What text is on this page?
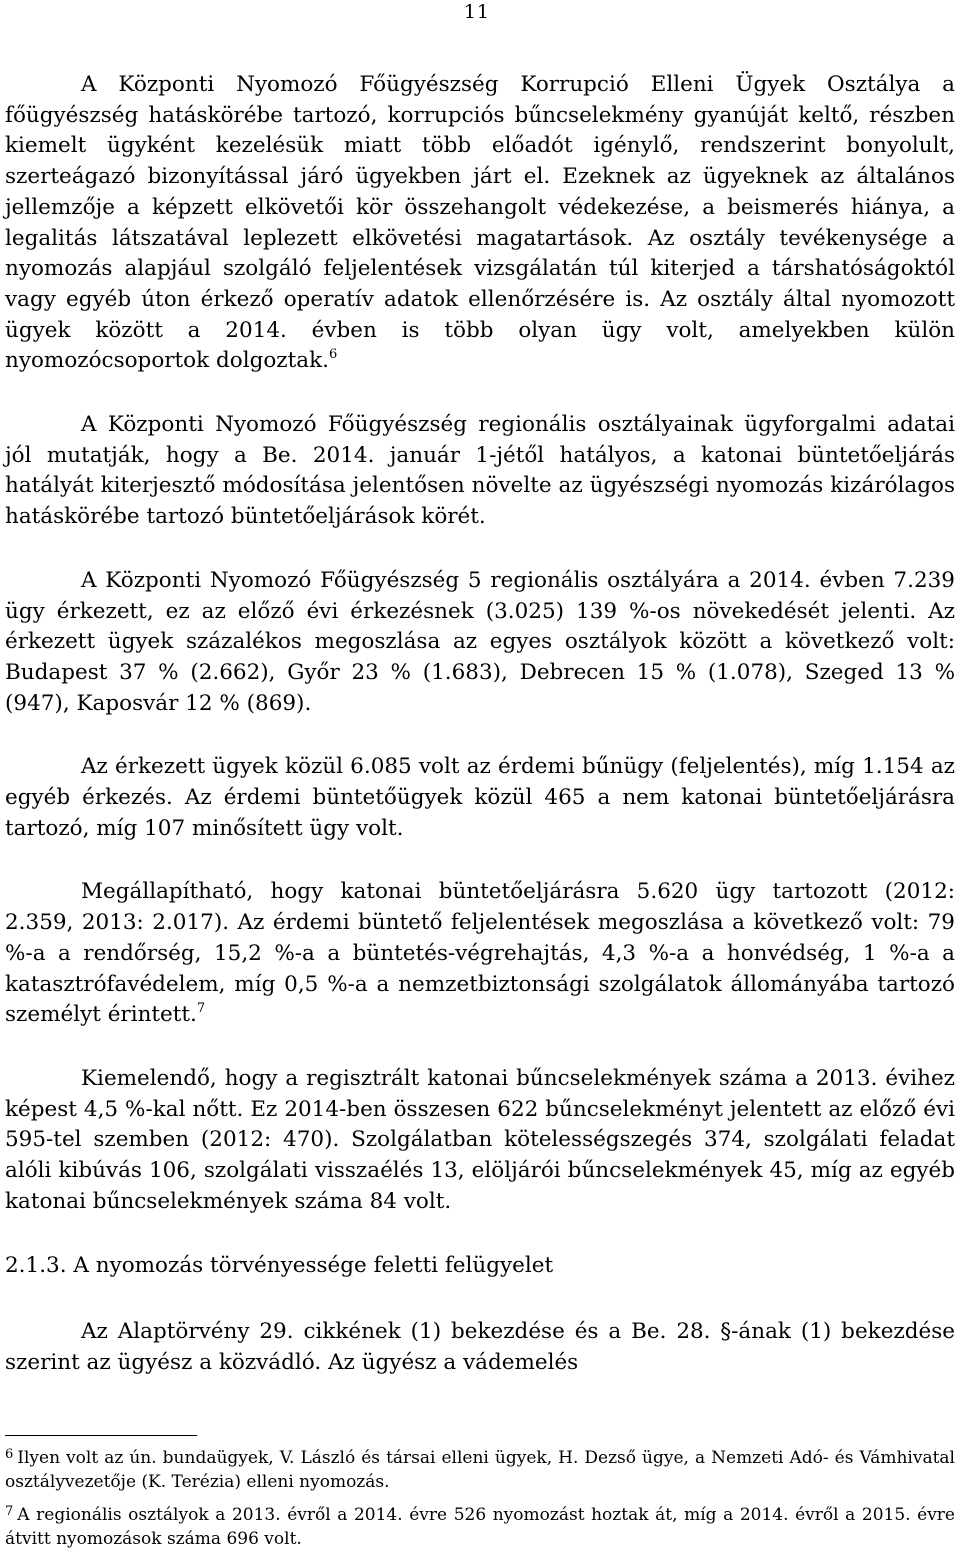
11

A Központi Nyomozó Főügyészség Korrupció Elleni Ügyek Osztálya a főügyészség hatáskörébe tartozó, korrupciós bűncselekmény gyanúját keltő, részben kiemelt ügyként kezelésük miatt több előadót igénylő, rendszerint bonyolult, szerteágazó bizonyítással járó ügyekben járt el. Ezeknek az ügyeknek az általános jellemzője a képzett elkövetői kör összehangolt védekezése, a beismerés hiánya, a legalitás látszatával leplezett elkövetési magatartások. Az osztály tevékenysége a nyomozás alapjául szolgáló feljelentések vizsgálatán túl kiterjed a társhatóságoktól vagy egyéb úton érkező operatív adatok ellenőrzésére is. Az osztály által nyomozott ügyek között a 2014. évben is több olyan ügy volt, amelyekben külön nyomozócsoportok dolgoztak.$^6$

A Központi Nyomozó Főügyészség regionális osztályainak ügyforgalmi adatai jól mutatják, hogy a Be. 2014. január 1-jétől hatályos, a katonai büntetőeljárás hatályát kiterjesztő módosítása jelentősen növelte az ügyészségi nyomozás kizárólagos hatáskörébe tartozó büntetőeljárások körét.

A Központi Nyomozó Főügyészség 5 regionális osztályára a 2014. évben 7.239 ügy érkezett, ez az előző évi érkezésnek (3.025) 139 %-os növekedését jelenti. Az érkezett ügyek százalékos megoszlása az egyes osztályok között a következő volt: Budapest 37 % (2.662), Győr 23 % (1.683), Debrecen 15 % (1.078), Szeged 13 % (947), Kaposvár 12 % (869).

Az érkezett ügyek közül 6.085 volt az érdemi bűnügy (feljelentés), míg 1.154 az egyéb érkezés. Az érdemi büntetőügyek közül 465 a nem katonai büntetőeljárásra tartozó, míg 107 minősített ügy volt.

Megállapítható, hogy katonai büntetőeljárásra 5.620 ügy tartozott (2012: 2.359, 2013: 2.017). Az érdemi büntető feljelentések megoszlása a következő volt: 79 %-a a rendőrség, 15,2 %-a a büntetés-végrehajtás, 4,3 %-a a honvédség, 1 %-a a katasztrófavédelem, míg 0,5 %-a a nemzetbiztonsági szolgálatok állományába tartozó személyt érintett.$^7$

Kiemelendő, hogy a regisztrált katonai bűncselekmények száma a 2013. évihez képest 4,5 %-kal nőtt. Ez 2014-ben összesen 622 bűncselekményt jelentett az előző évi 595-tel szemben (2012: 470). Szolgálatban kötelességszegés 374, szolgálati feladat alóli kibúvás 106, szolgálati visszaélés 13, elöljárói bűncselekmények 45, míg az egyéb katonai bűncselekmények száma 84 volt.

2.1.3. A nyomozás törvényessége feletti felügyelet

Az Alaptörvény 29. cikkének (1) bekezdése és a Be. 28. §-ának (1) bekezdése szerint az ügyész a közvádló. Az ügyész a vádemelés

$^6$ Ilyen volt az ún. bundaügyek, V. László és társai elleni ügyek, H. Dezső ügye, a Nemzeti Adó- és Vámhivatal osztályvezetője (K. Terézia) elleni nyomozás.

$^7$ A regionális osztályok a 2013. évről a 2014. évre 526 nyomozást hoztak át, míg a 2014. évről a 2015. évre átvitt nyomozások száma 696 volt.
